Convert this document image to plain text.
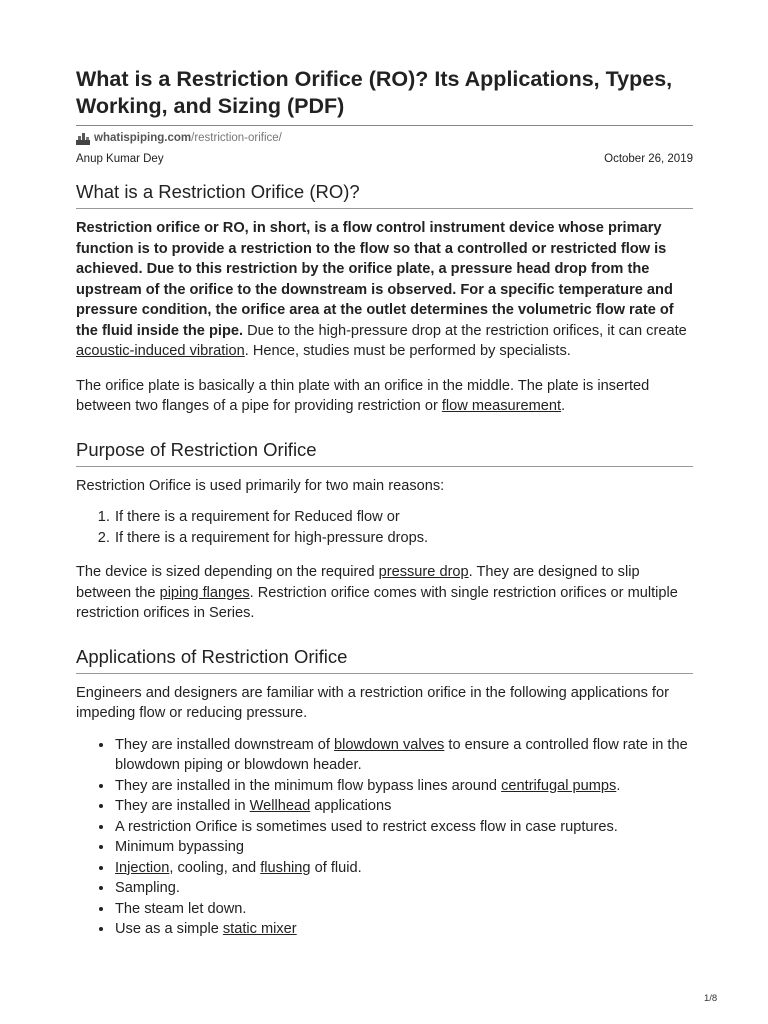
What is a Restriction Orifice (RO)? Its Applications, Types, Working, and Sizing (PDF)
whatispiping.com /restriction-orifice/
Anup Kumar Dey	October 26, 2019
What is a Restriction Orifice (RO)?

Restriction orifice or RO, in short, is a flow control instrument device whose primary function is to provide a restriction to the flow so that a controlled or restricted flow is achieved. Due to this restriction by the orifice plate, a pressure head drop from the upstream of the orifice to the downstream is observed. For a specific temperature and pressure condition, the orifice area at the outlet determines the volumetric flow rate of the fluid inside the pipe. Due to the high-pressure drop at the restriction orifices, it can create acoustic-induced vibration. Hence, studies must be performed by specialists.

The orifice plate is basically a thin plate with an orifice in the middle. The plate is inserted between two flanges of a pipe for providing restriction or flow measurement.

Purpose of Restriction Orifice

Restriction Orifice is used primarily for two main reasons:

1. If there is a requirement for Reduced flow or
2. If there is a requirement for high-pressure drops.

The device is sized depending on the required pressure drop. They are designed to slip between the piping flanges. Restriction orifice comes with single restriction orifices or multiple restriction orifices in Series.

Applications of Restriction Orifice

Engineers and designers are familiar with a restriction orifice in the following applications for impeding flow or reducing pressure.

• They are installed downstream of blowdown valves to ensure a controlled flow rate in the blowdown piping or blowdown header.
• They are installed in the minimum flow bypass lines around centrifugal pumps.
• They are installed in Wellhead applications
• A restriction Orifice is sometimes used to restrict excess flow in case ruptures.
• Minimum bypassing
• Injection, cooling, and flushing of fluid.
• Sampling.
• The steam let down.
• Use as a simple static mixer
1/8
